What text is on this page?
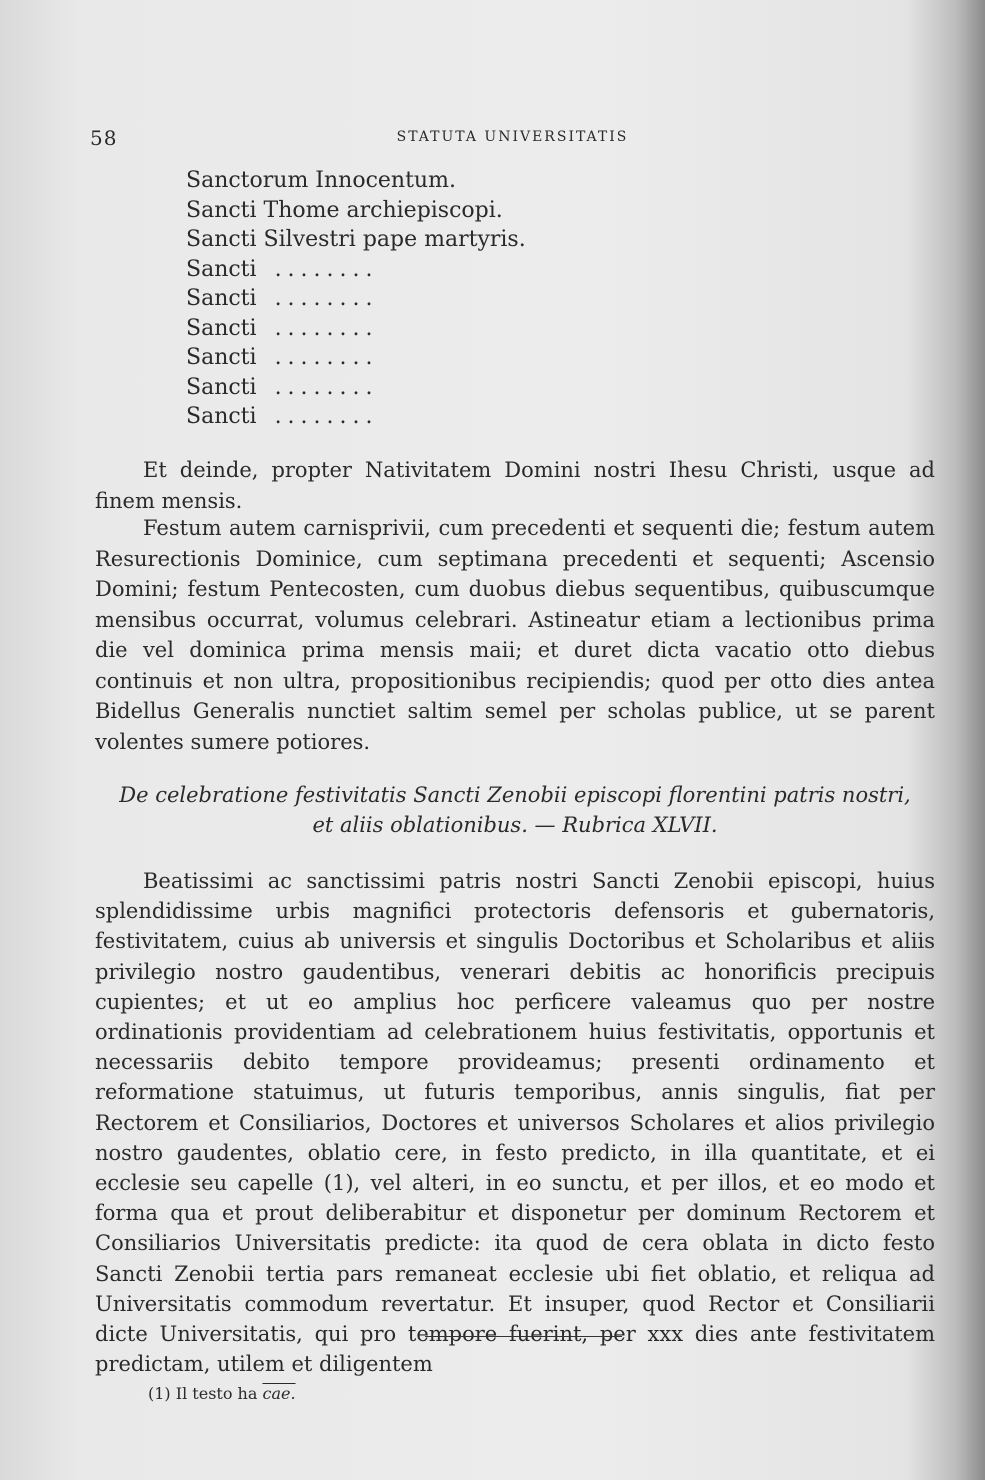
58	STATUTA UNIVERSITATIS
Sanctorum Innocentum.
Sancti Thome archiepiscopi.
Sancti Silvestri pape martyris.
Sancti ........
Sancti ........
Sancti ........
Sancti ........
Sancti ........
Sancti ........

Et deinde, propter Nativitatem Domini nostri Ihesu Christi, usque ad finem mensis.

Festum autem carnisprivii, cum precedenti et sequenti die; festum autem Resurectionis Dominice, cum septimana precedenti et sequenti; Ascensio Domini; festum Pentecosten, cum duobus diebus sequentibus, quibuscumque mensibus occurrat, volumus celebrari. Astineatur etiam a lectionibus prima die vel dominica prima mensis maii; et duret dicta vacatio otto diebus continuis et non ultra, propositionibus recipiendis; quod per otto dies antea Bidellus Generalis nunctiet saltim semel per scholas publice, ut se parent volentes sumere potiores.
De celebratione festivitatis Sancti Zenobii episcopi florentini patris nostri,
et aliis oblationibus. — Rubrica XLVII.
Beatissimi ac sanctissimi patris nostri Sancti Zenobii episcopi, huius splendidissime urbis magnifici protectoris defensoris et gubernatoris, festivitatem, cuius ab universis et singulis Doctoribus et Scholaribus et aliis privilegio nostro gaudentibus, venerari debitis ac honorificis precipuis cupientes; et ut eo amplius hoc perficere valeamus quo per nostre ordinationis providentiam ad celebrationem huius festivitatis, opportunis et necessariis debito tempore provideamus; presenti ordinamento et reformatione statuimus, ut futuris temporibus, annis singulis, fiat per Rectorem et Consiliarios, Doctores et universos Scholares et alios privilegio nostro gaudentes, oblatio cere, in festo predicto, in illa quantitate, et ei ecclesie seu capelle (1), vel alteri, in eo sunctu, et per illos, et eo modo et forma qua et prout deliberabitur et disponetur per dominum Rectorem et Consiliarios Universitatis predicte: ita quod de cera oblata in dicto festo Sancti Zenobii tertia pars remaneat ecclesie ubi fiet oblatio, et reliqua ad Universitatis commodum revertatur. Et insuper, quod Rector et Consiliarii dicte Universitatis, qui pro tempore fuerint, per xxx dies ante festivitatem predictam, utilem et diligentem
(1) Il testo ha cae.
